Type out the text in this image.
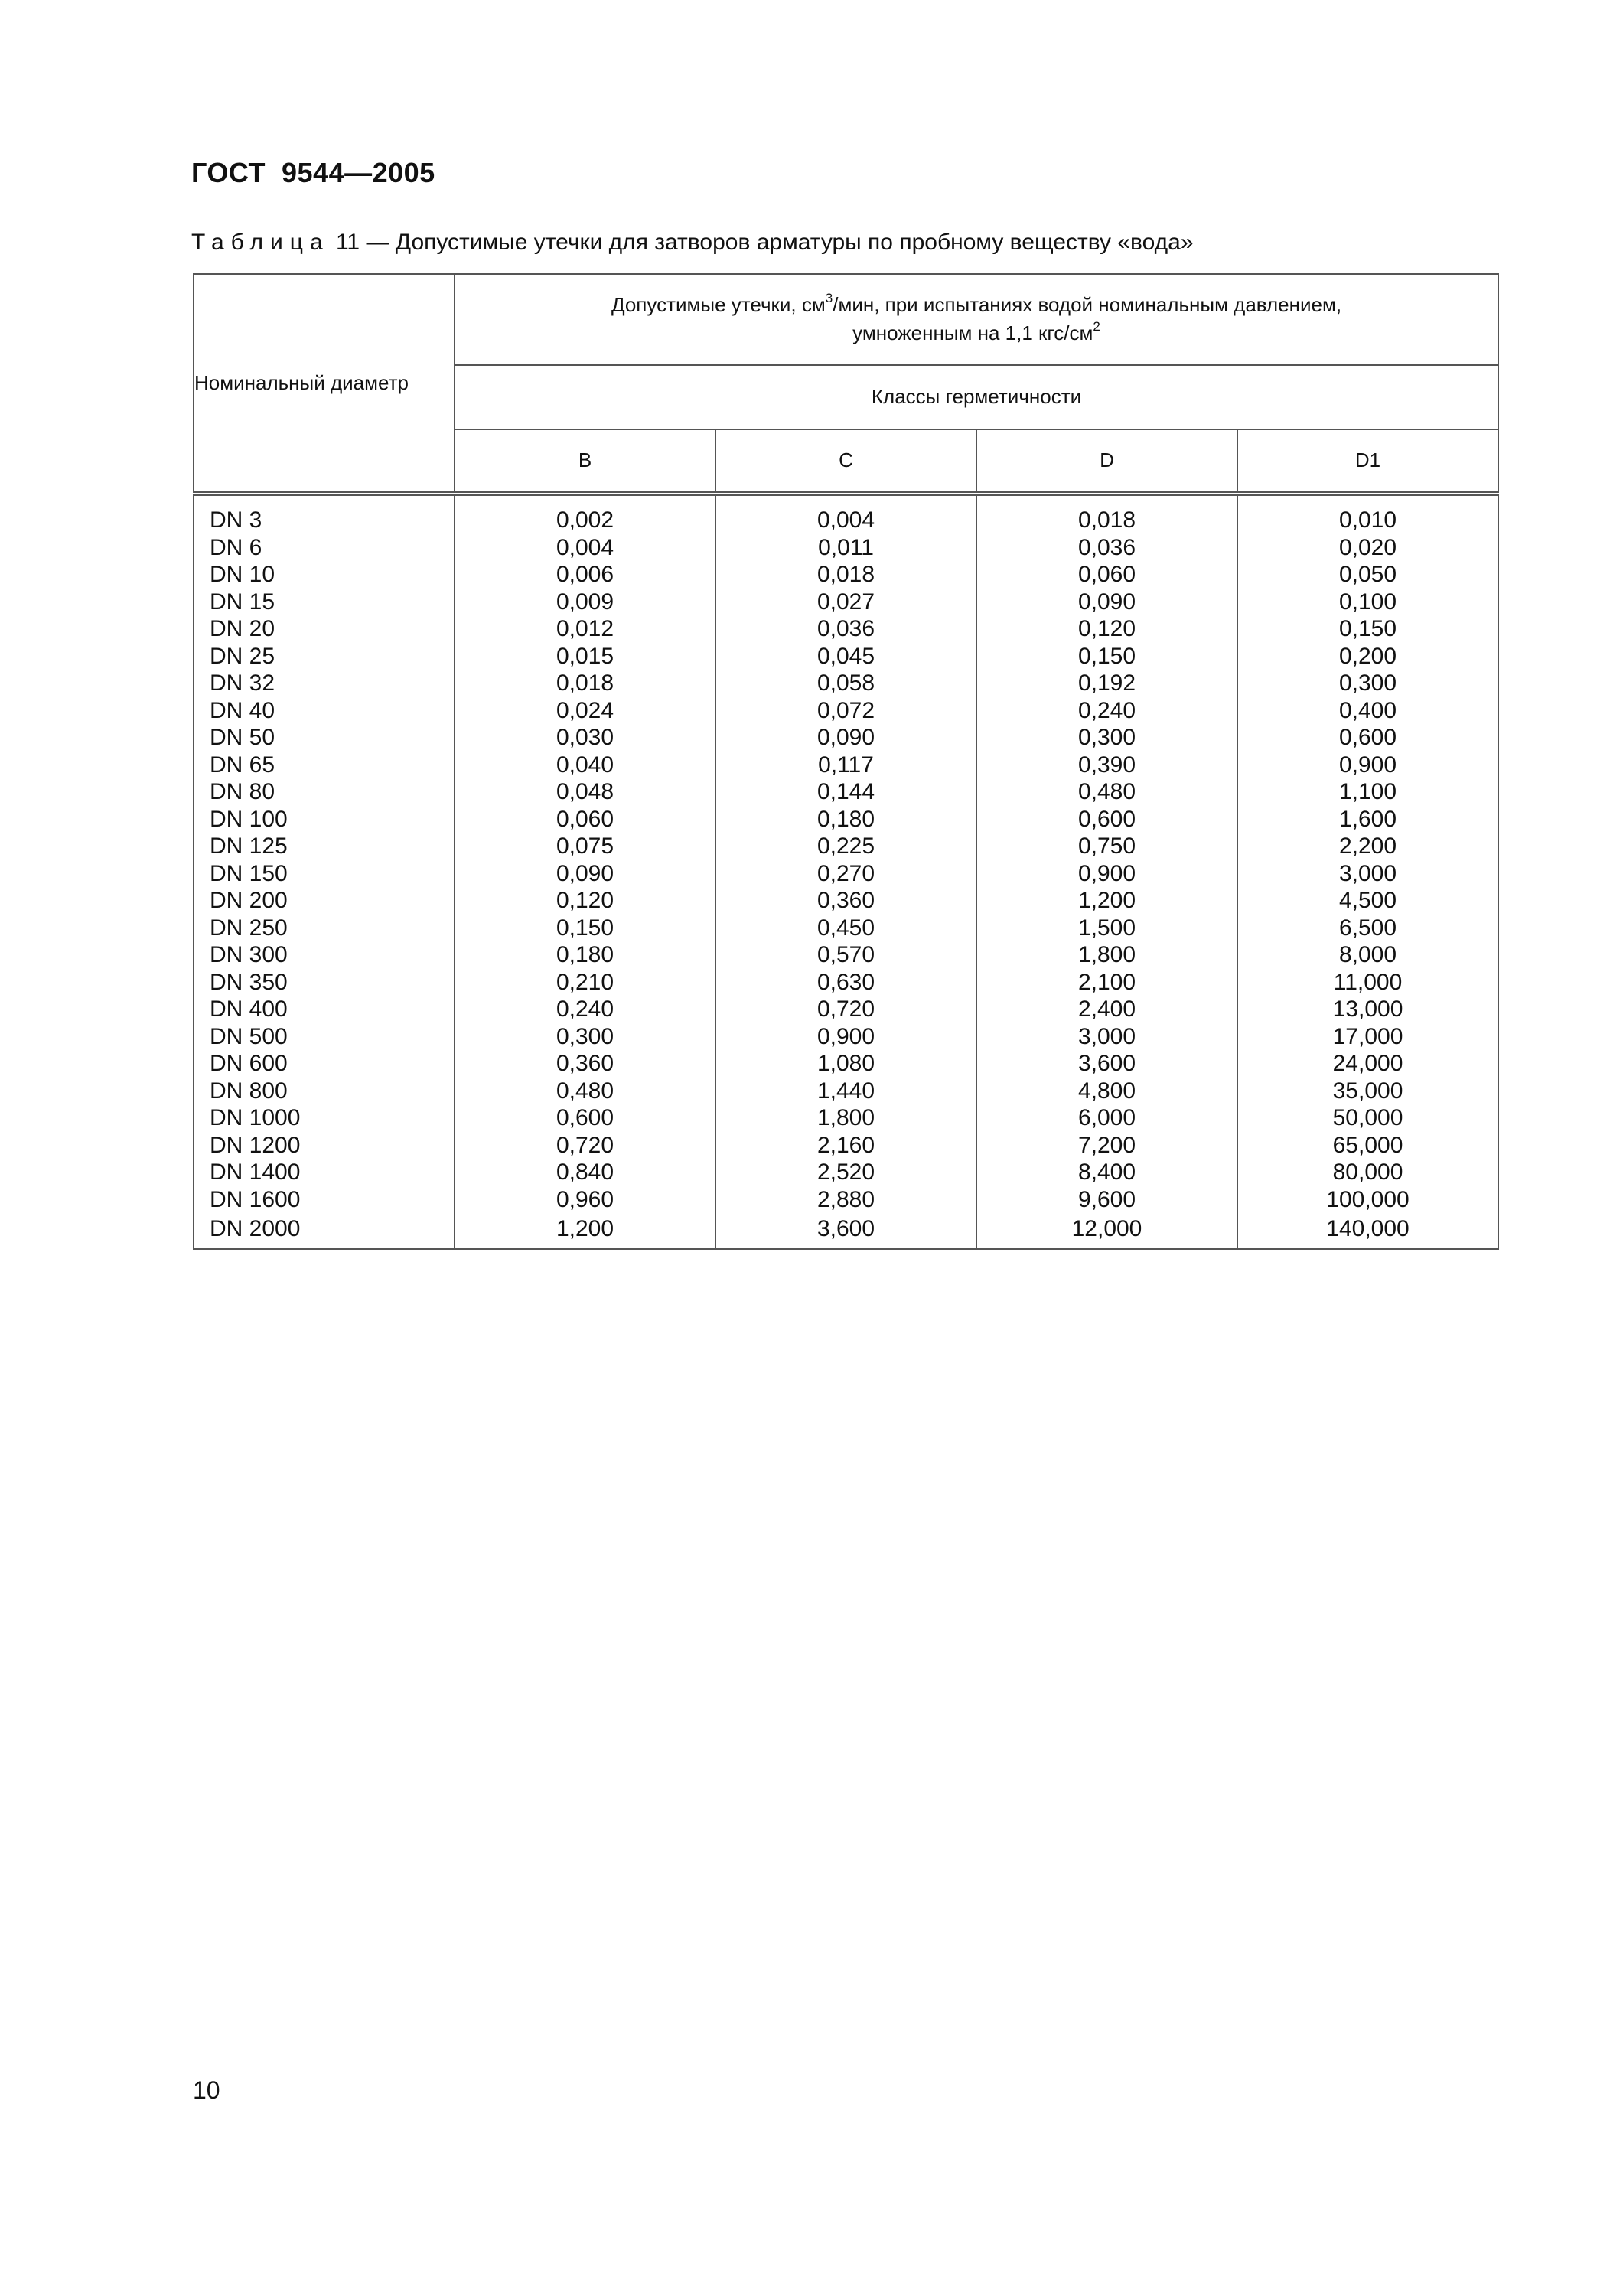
ГОСТ  9544—2005
Таблица 11 — Допустимые утечки для затворов арматуры по пробному веществу «вода»
Номинальный диаметр	Допустимые утечки, $см^3$/мин, при испытаниях водой номинальным давлением,
умноженным на 1,1 кгс/$см^2$
	Классы герметичности			
	B	C	D	D1
DN 3	0,002	0,004	0,018	0,010
DN 6	0,004	0,011	0,036	0,020
DN 10	0,006	0,018	0,060	0,050
DN 15	0,009	0,027	0,090	0,100
DN 20	0,012	0,036	0,120	0,150
DN 25	0,015	0,045	0,150	0,200
DN 32	0,018	0,058	0,192	0,300
DN 40	0,024	0,072	0,240	0,400
DN 50	0,030	0,090	0,300	0,600
DN 65	0,040	0,117	0,390	0,900
DN 80	0,048	0,144	0,480	1,100
DN 100	0,060	0,180	0,600	1,600
DN 125	0,075	0,225	0,750	2,200
DN 150	0,090	0,270	0,900	3,000
DN 200	0,120	0,360	1,200	4,500
DN 250	0,150	0,450	1,500	6,500
DN 300	0,180	0,570	1,800	8,000
DN 350	0,210	0,630	2,100	11,000
DN 400	0,240	0,720	2,400	13,000
DN 500	0,300	0,900	3,000	17,000
DN 600	0,360	1,080	3,600	24,000
DN 800	0,480	1,440	4,800	35,000
DN 1000	0,600	1,800	6,000	50,000
DN 1200	0,720	2,160	7,200	65,000
DN 1400	0,840	2,520	8,400	80,000
DN 1600	0,960	2,880	9,600	100,000
DN 2000	1,200	3,600	12,000	140,000
10
